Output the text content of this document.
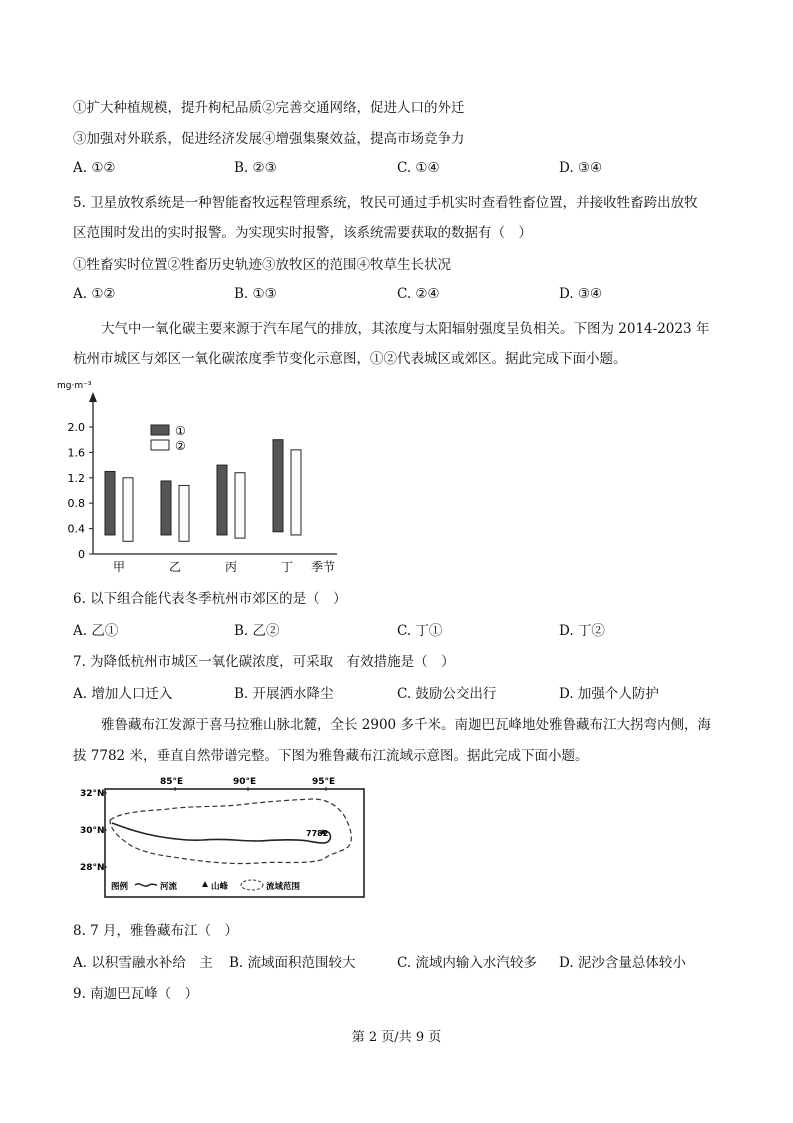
①扩大种植规模，提升枸杞品质②完善交通网络，促进人口的外迁
③加强对外联系，促进经济发展④增强集聚效益，提高市场竞争力
A. ①②	B. ②③	C. ①④	D. ③④
5. 卫星放牧系统是一种智能畜牧远程管理系统，牧民可通过手机实时查看牲畜位置，并接收牲畜跨出放牧
区范围时发出的实时报警。为实现实时报警，该系统需要获取的数据有（　）
①牲畜实时位置②牲畜历史轨迹③放牧区的范围④牧草生长状况
A. ①②	B. ①③	C. ②④	D. ③④
大气中一氧化碳主要来源于汽车尾气的排放，其浓度与太阳辐射强度呈负相关。下图为 2014-2023 年
杭州市城区与郊区一氧化碳浓度季节变化示意图，①②代表城区或郊区。据此完成下面小题。
mg·m⁻³
0
0.4
0.8
1.2
1.6
2.0
甲	乙	丙	丁 季节
①
②
6. 以下组合能代表冬季杭州市郊区的是（　）
A. 乙①	B. 乙②	C. 丁①	D. 丁②
7. 为降低杭州市城区一氧化碳浓度，可采取　有效措施是（　）
A. 增加人口迁入	B. 开展洒水降尘	C. 鼓励公交出行	D. 加强个人防护
雅鲁藏布江发源于喜马拉雅山脉北麓，全长 2900 多千米。南迦巴瓦峰地处雅鲁藏布江大拐弯内侧，海
拔 7782 米，垂直自然带谱完整。下图为雅鲁藏布江流域示意图。据此完成下面小题。
85°E	90°E	95°E
32°N
30°N
28°N
7782
图例	河流	山峰	流域范围
8. 7 月，雅鲁藏布江（　）
A. 以积雪融水补给　主 B. 流域面积范围较大	C. 流域内输入水汽较多 D. 泥沙含量总体较小
9. 南迦巴瓦峰（　）
第 2 页/共 9 页
